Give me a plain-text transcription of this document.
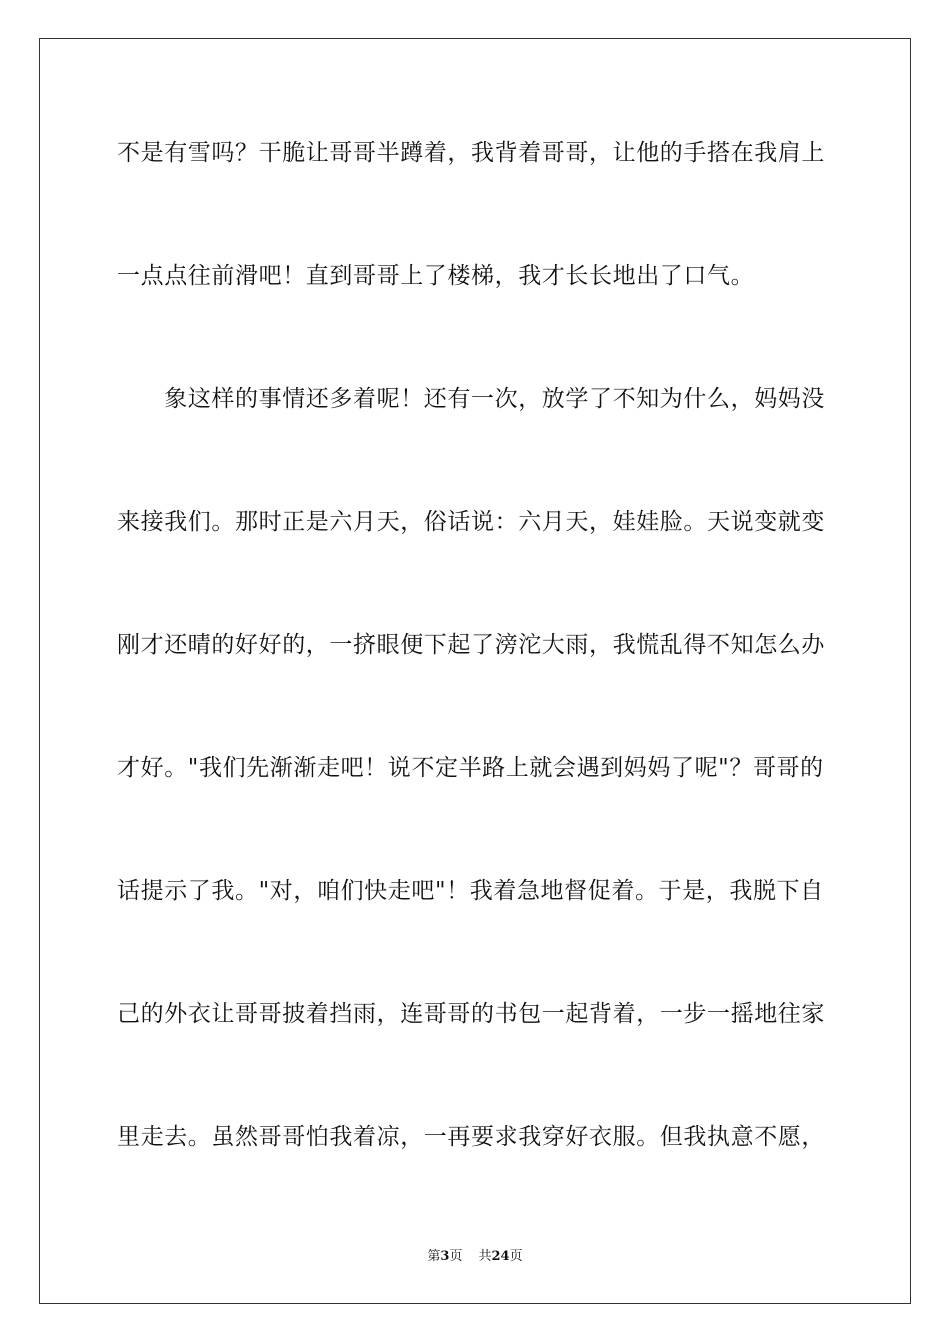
不是有雪吗？干脆让哥哥半蹲着，我背着哥哥，让他的手搭在我肩上
一点点往前滑吧！直到哥哥上了楼梯，我才长长地出了口气。
　　象这样的事情还多着呢！还有一次，放学了不知为什么，妈妈没
来接我们。那时正是六月天，俗话说：六月天，娃娃脸。天说变就变
刚才还晴的好好的，一挤眼便下起了滂沱大雨，我慌乱得不知怎么办
才好。"我们先渐渐走吧！说不定半路上就会遇到妈妈了呢"？哥哥的
话提示了我。"对，咱们快走吧"！我着急地督促着。于是，我脱下自
己的外衣让哥哥披着挡雨，连哥哥的书包一起背着，一步一摇地往家
里走去。虽然哥哥怕我着凉，一再要求我穿好衣服。但我执意不愿，
第3页 共24页
